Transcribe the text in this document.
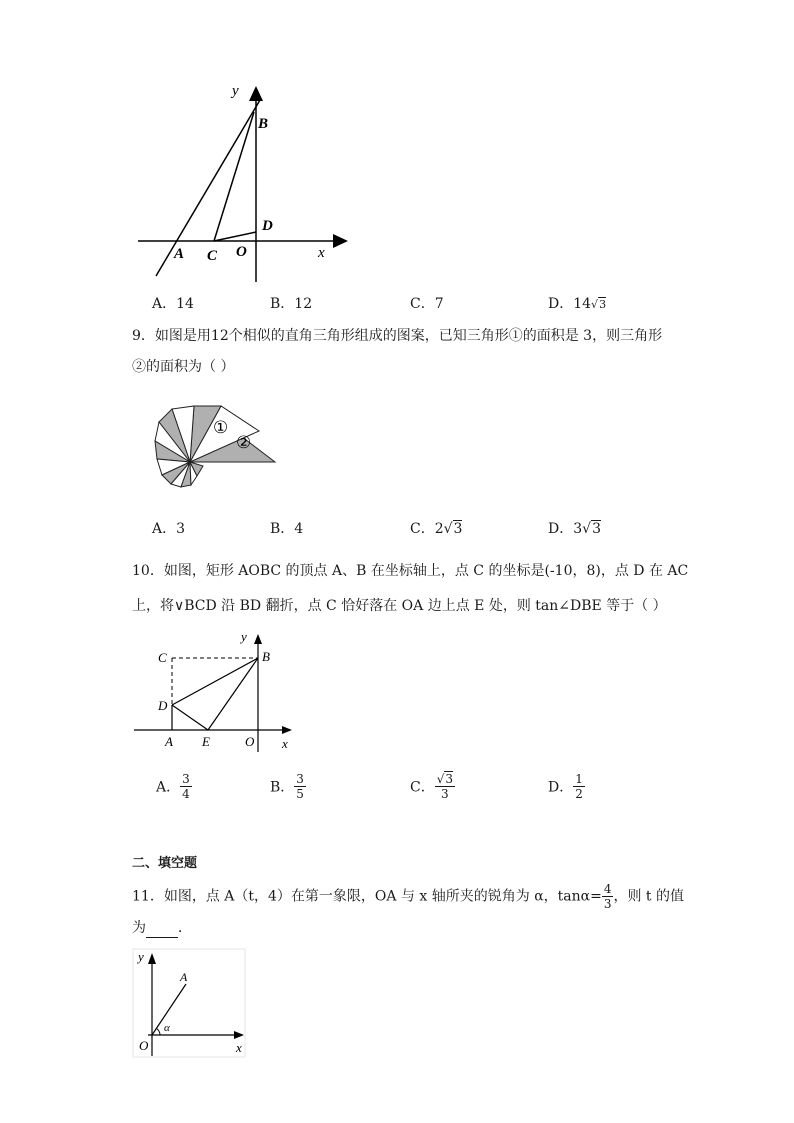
y
B
D
A C O	x
A．14	B．12	C．7	D．14√3
9．如图是用12个相似的直角三角形组成的图案，已知三角形①的面积是 3，则三角形
②的面积为（ ）
①
②
A．3	B．4	C．2√3	D．3√3
10．如图，矩形 AOBC 的顶点 A、B 在坐标轴上，点 C 的坐标是(-10，8)，点 D 在 AC
上，将∨BCD 沿 BD 翻折，点 C 恰好落在 OA 边上点 E 处，则 tan∠DBE 等于（ ）
y
C	B
D
A E	O x
A． $\frac{3}{4}$	B． $\frac{3}{5}$	C． $\frac{√3}{3}$	D． $\frac{1}{2}$
二、填空题
11．如图，点 A（t，4）在第一象限，OA 与 x 轴所夹的锐角为 α，$\tan\alpha= \frac{4}{3}$ ，则 t 的值
为 ．
y
A
α
O	x
